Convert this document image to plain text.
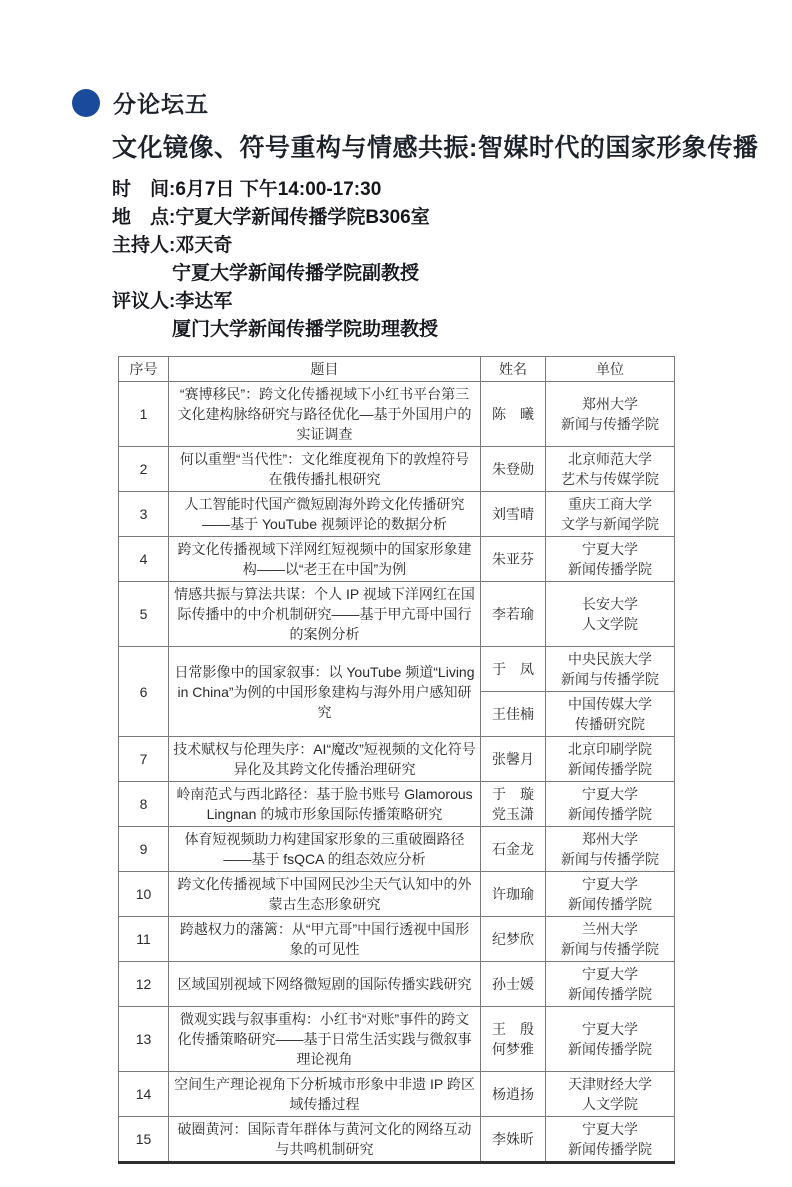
分论坛五
文化镜像、符号重构与情感共振:智媒时代的国家形象传播
时　间:6月7日 下午14:00-17:30
地　点:宁夏大学新闻传播学院B306室
主持人:邓天奇
宁夏大学新闻传播学院副教授
评议人:李达军
厦门大学新闻传播学院助理教授
序号	题目	姓名	单位
1	“赛博移民”：跨文化传播视域下小红书平台第三文化建构脉络研究与路径优化—基于外国用户的实证调查	陈　曦	郑州大学
新闻与传播学院
2	何以重塑“当代性”：文化维度视角下的敦煌符号在俄传播扎根研究	朱登勋	北京师范大学
艺术与传媒学院
3	人工智能时代国产微短剧海外跨文化传播研究——基于 YouTube 视频评论的数据分析	刘雪晴	重庆工商大学
文学与新闻学院
4	跨文化传播视域下洋网红短视频中的国家形象建构——以“老王在中国”为例	朱亚芬	宁夏大学
新闻传播学院
5	情感共振与算法共谋：个人 IP 视域下洋网红在国际传播中的中介机制研究——基于甲亢哥中国行的案例分析	李若瑜	长安大学
人文学院
6	日常影像中的国家叙事：以 YouTube 频道“Living in China”为例的中国形象建构与海外用户感知研究	于　凤	中央民族大学
新闻与传播学院
		王佳楠	中国传媒大学
传播研究院
7	技术赋权与伦理失序：AI“魔改”短视频的文化符号异化及其跨文化传播治理研究	张馨月	北京印刷学院
新闻传播学院
8	岭南范式与西北路径：基于脸书账号 Glamorous Lingnan 的城市形象国际传播策略研究	于　璇
党玉潇	宁夏大学
新闻传播学院
9	体育短视频助力构建国家形象的三重破圈路径——基于 fsQCA 的组态效应分析	石金龙	郑州大学
新闻与传播学院
10	跨文化传播视域下中国网民沙尘天气认知中的外蒙古生态形象研究	许珈瑜	宁夏大学
新闻传播学院
11	跨越权力的藩篱：从“甲亢哥”中国行透视中国形象的可见性	纪梦欣	兰州大学
新闻与传播学院
12	区域国别视域下网络微短剧的国际传播实践研究	孙士媛	宁夏大学
新闻传播学院
13	微观实践与叙事重构：小红书“对账”事件的跨文化传播策略研究——基于日常生活实践与微叙事理论视角	王　殷
何梦雅	宁夏大学
新闻传播学院
14	空间生产理论视角下分析城市形象中非遗 IP 跨区域传播过程	杨逍扬	天津财经大学
人文学院
15	破圈黄河：国际青年群体与黄河文化的网络互动与共鸣机制研究	李姝昕	宁夏大学
新闻传播学院
